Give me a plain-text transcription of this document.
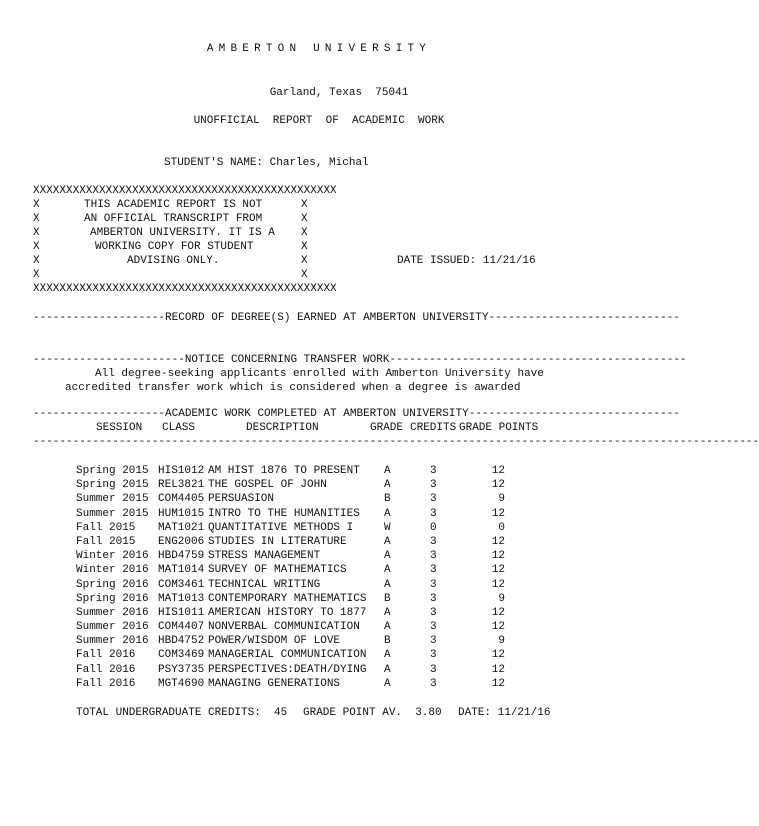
AMBERTON UNIVERSITY
Garland, Texas  75041
UNOFFICIAL  REPORT  OF  ACADEMIC  WORK
STUDENT'S NAME: Charles, Michal
XXXXXXXXXXXXXXXXXXXXXXXXXXXXXXXXXXXXXXXXXXXXXX
X	X
THIS ACADEMIC REPORT IS NOT
X	X
AN OFFICIAL TRANSCRIPT FROM
X	X
AMBERTON UNIVERSITY. IT IS A
X	X
WORKING COPY FOR STUDENT
X	X
ADVISING ONLY.	DATE ISSUED: 11/21/16
X	X
XXXXXXXXXXXXXXXXXXXXXXXXXXXXXXXXXXXXXXXXXXXXXX
--------------------RECORD OF DEGREE(S) EARNED AT AMBERTON UNIVERSITY-----------------------------
-----------------------NOTICE CONCERNING TRANSFER WORK---------------------------------------------
All degree-seeking applicants enrolled with Amberton University have
accredited transfer work which is considered when a degree is awarded
--------------------ACADEMIC WORK COMPLETED AT AMBERTON UNIVERSITY--------------------------------
SESSION CLASS	DESCRIPTION	GRADE CREDITS GRADE POINTS
--------------------------------------------------------------------------------------------------------------
Spring 2015	HIS1012	AM HIST 1876 TO PRESENT	A	3	12
Spring 2015	REL3821	THE GOSPEL OF JOHN	A	3	12
Summer 2015	COM4405	PERSUASION	B	3	9
Summer 2015	HUM1015	INTRO TO THE HUMANITIES	A	3	12
Fall 2015	MAT1021	QUANTITATIVE METHODS I	W	0	0
Fall 2015	ENG2006	STUDIES IN LITERATURE	A	3	12
Winter 2016	HBD4759	STRESS MANAGEMENT	A	3	12
Winter 2016	MAT1014	SURVEY OF MATHEMATICS	A	3	12
Spring 2016	COM3461	TECHNICAL WRITING	A	3	12
Spring 2016	MAT1013	CONTEMPORARY MATHEMATICS	B	3	9
Summer 2016	HIS1011	AMERICAN HISTORY TO 1877	A	3	12
Summer 2016	COM4407	NONVERBAL COMMUNICATION	A	3	12
Summer 2016	HBD4752	POWER/WISDOM OF LOVE	B	3	9
Fall 2016	COM3469	MANAGERIAL COMMUNICATION	A	3	12
Fall 2016	PSY3735	PERSPECTIVES:DEATH/DYING	A	3	12
Fall 2016	MGT4690	MANAGING GENERATIONS	A	3	12
TOTAL UNDERGRADUATE CREDITS: 45 GRADE POINT AV. 3.80 DATE: 11/21/16
